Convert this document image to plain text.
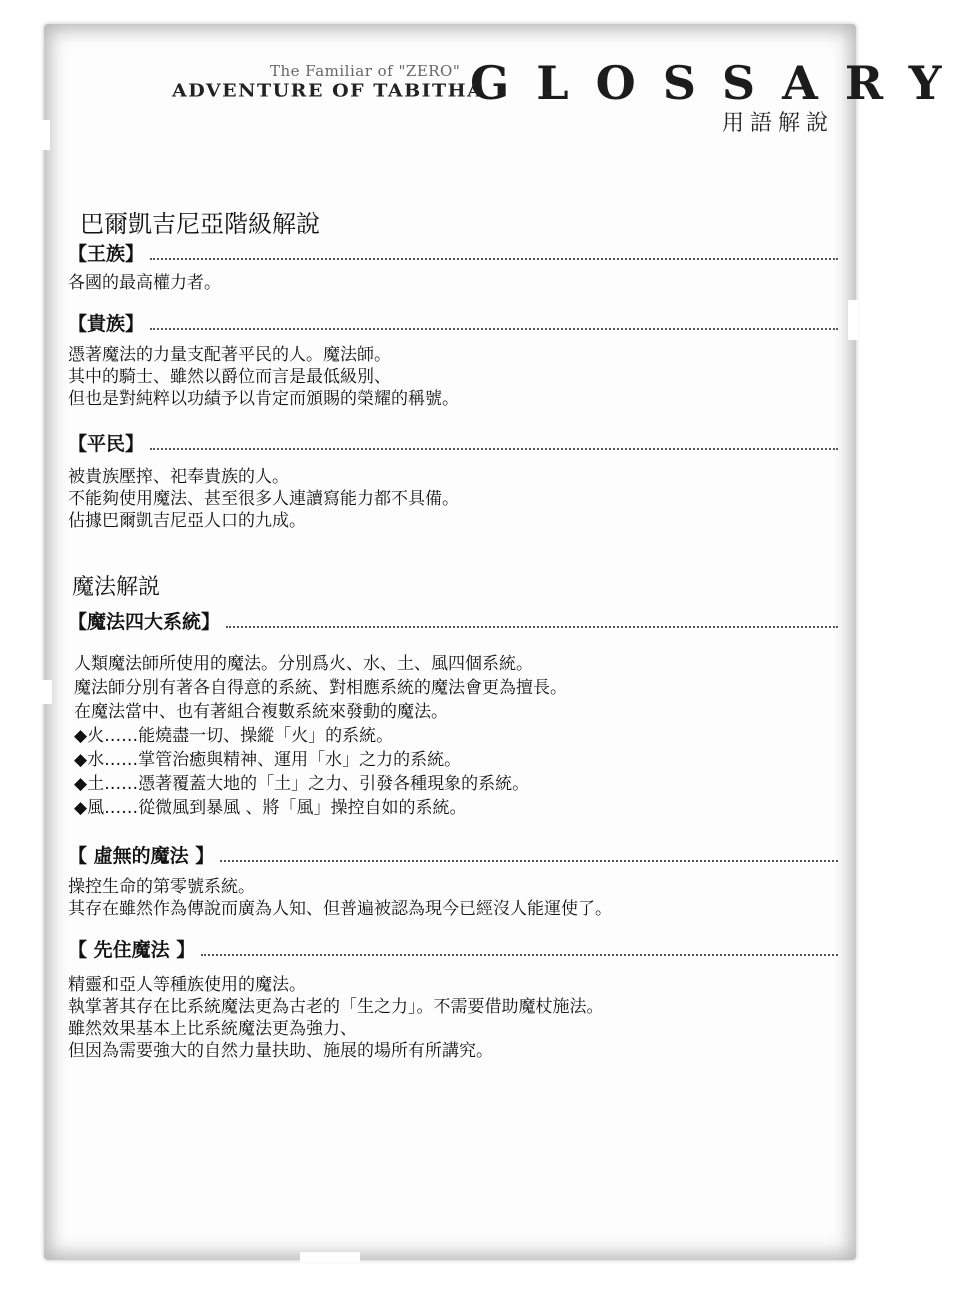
The Familiar of "ZERO"
ADVENTURE OF TABITHA
GLOSSARY
用語解說
巴爾凱吉尼亞階級解說
【王族】
各國的最高權力者。
【貴族】
憑著魔法的力量支配著平民的人。魔法師。
其中的騎士、雖然以爵位而言是最低級別、
但也是對純粹以功績予以肯定而頒賜的榮耀的稱號。
【平民】
被貴族壓搾、祀奉貴族的人。
不能夠使用魔法、甚至很多人連讀寫能力都不具備。
佔據巴爾凱吉尼亞人口的九成。
魔法解説
【魔法四大系統】
人類魔法師所使用的魔法。分別爲火、水、土、風四個系統。
魔法師分別有著各自得意的系統、對相應系統的魔法會更為擅長。
在魔法當中、也有著組合複數系統來發動的魔法。
◆火……能燒盡一切、操縱「火」的系統。
◆水……掌管治癒與精神、運用「水」之力的系統。
◆土……憑著覆蓋大地的「土」之力、引發各種現象的系統。
◆風……從微風到暴風 、將「風」操控自如的系統。
【 虛無的魔法 】
操控生命的第零號系統。
其存在雖然作為傳說而廣為人知、但普遍被認為現今已經沒人能運使了。
【 先住魔法 】
精靈和亞人等種族使用的魔法。
執掌著其存在比系統魔法更為古老的「生之力」。不需要借助魔杖施法。
雖然效果基本上比系統魔法更為強力、
但因為需要強大的自然力量扶助、施展的場所有所講究。
